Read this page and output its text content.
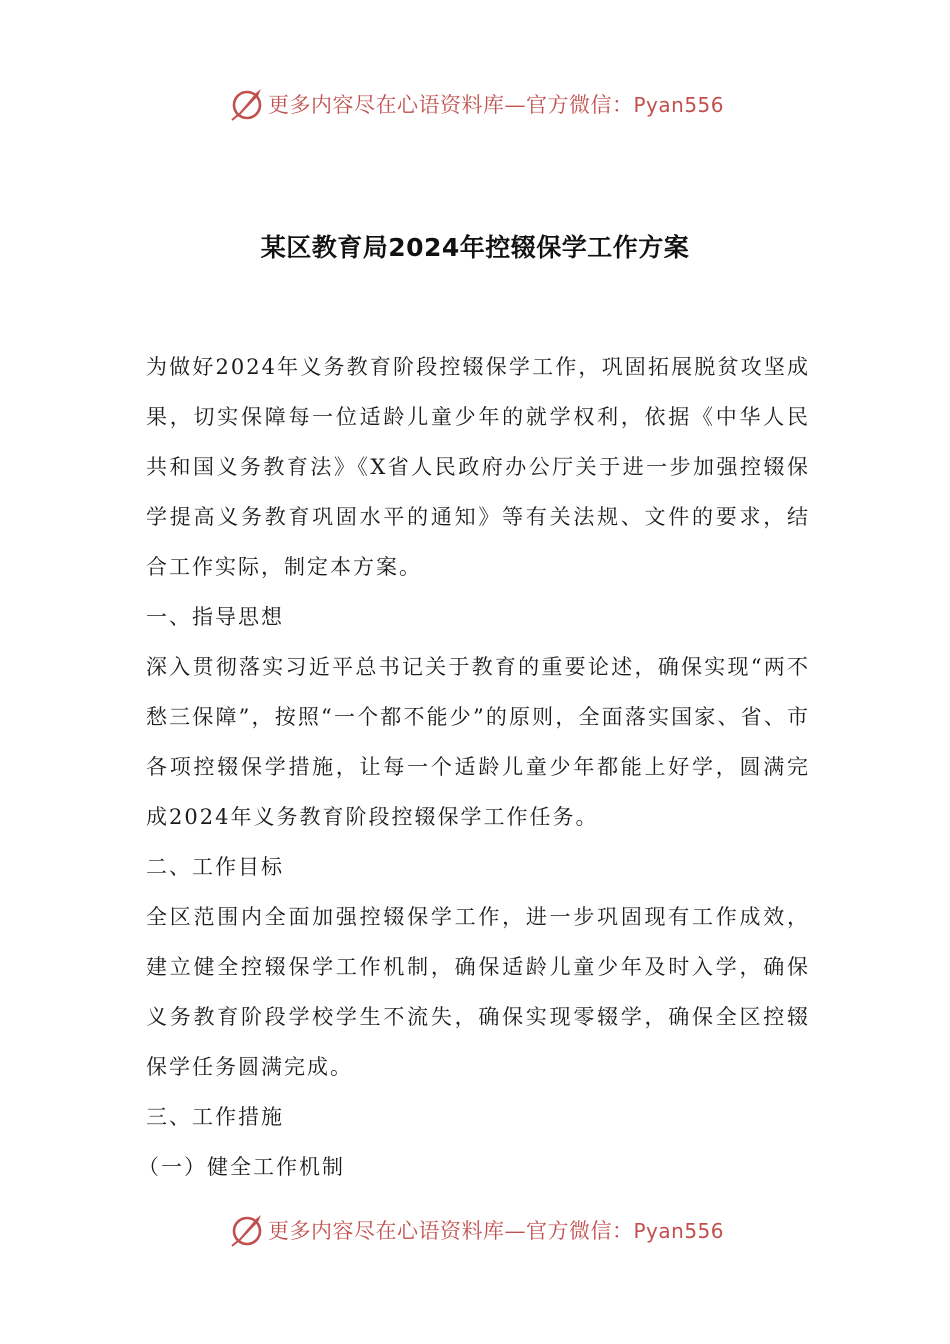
更多内容尽在心语资料库—官方微信：Pyan556
某区教育局2024年控辍保学工作方案

为做好2024年义务教育阶段控辍保学工作，巩固拓展脱贫攻坚成果，切实保障每一位适龄儿童少年的就学权利，依据《中华人民共和国义务教育法》《X省人民政府办公厅关于进一步加强控辍保学提高义务教育巩固水平的通知》等有关法规、文件的要求，结合工作实际，制定本方案。

一、指导思想

深入贯彻落实习近平总书记关于教育的重要论述，确保实现“两不愁三保障”，按照“一个都不能少”的原则，全面落实国家、省、市各项控辍保学措施，让每一个适龄儿童少年都能上好学，圆满完成2024年义务教育阶段控辍保学工作任务。

二、工作目标

全区范围内全面加强控辍保学工作，进一步巩固现有工作成效，建立健全控辍保学工作机制，确保适龄儿童少年及时入学，确保义务教育阶段学校学生不流失，确保实现零辍学，确保全区控辍保学任务圆满完成。

三、工作措施

（一）健全工作机制

更多内容尽在心语资料库—官方微信：Pyan556
